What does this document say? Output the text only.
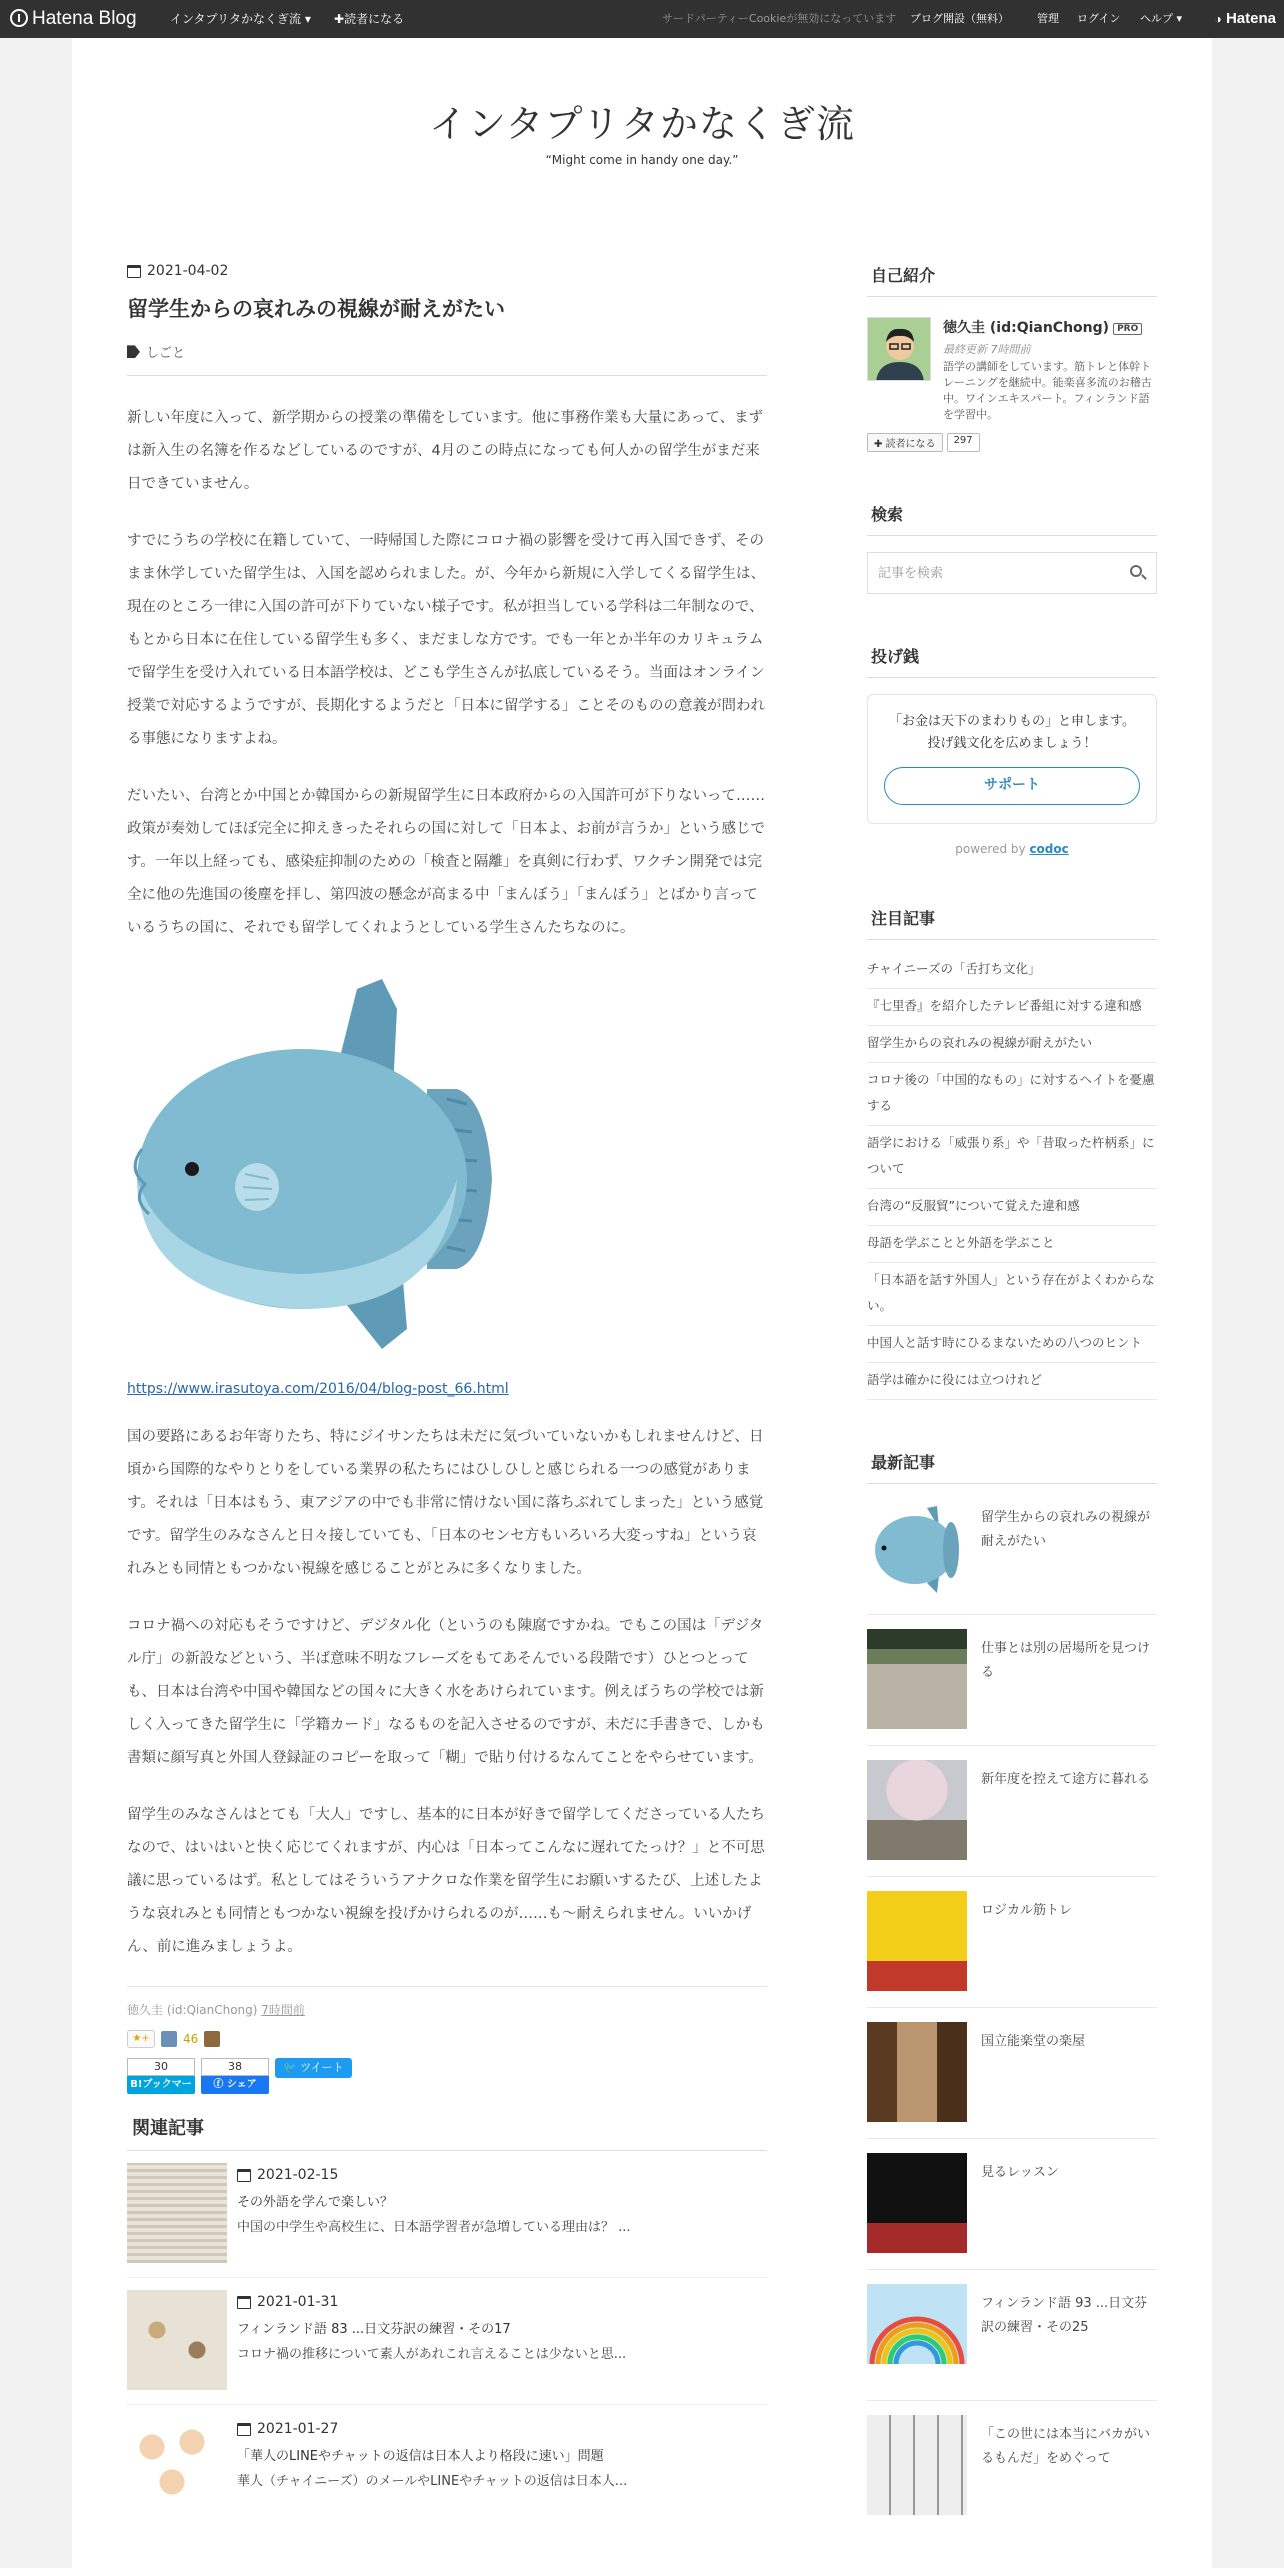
Hatena Blog	インタプリタかなくぎ流 ▾ ✚読者になる	サードパーティーCookieが無効になっています ブログ開設（無料）	管理 ログイン ヘルプ ▾	◑ Hatena
インタプリタかなくぎ流
“Might come in handy one day.”
2021-04-02
留学生からの哀れみの視線が耐えがたい
しごと

新しい年度に入って、新学期からの授業の準備をしています。他に事務作業も大量にあって、まずは新入生の名簿を作るなどしているのですが、4月のこの時点になっても何人かの留学生がまだ来日できていません。

すでにうちの学校に在籍していて、一時帰国した際にコロナ禍の影響を受けて再入国できず、そのまま休学していた留学生は、入国を認められました。が、今年から新規に入学してくる留学生は、現在のところ一律に入国の許可が下りていない様子です。私が担当している学科は二年制なので、もとから日本に在住している留学生も多く、まだましな方です。でも一年とか半年のカリキュラムで留学生を受け入れている日本語学校は、どこも学生さんが払底しているそう。当面はオンライン授業で対応するようですが、長期化するようだと「日本に留学する」ことそのものの意義が問われる事態になりますよね。

だいたい、台湾とか中国とか韓国からの新規留学生に日本政府からの入国許可が下りないって……政策が奏効してほぼ完全に抑えきったそれらの国に対して「日本よ、お前が言うか」という感じです。一年以上経っても、感染症抑制のための「検査と隔離」を真剣に行わず、ワクチン開発では完全に他の先進国の後塵を拝し、第四波の懸念が高まる中「まんぼう」「まんぼう」とばかり言っているうちの国に、それでも留学してくれようとしている学生さんたちなのに。

https://www.irasutoya.com/2016/04/blog-post_66.html

国の要路にあるお年寄りたち、特にジイサンたちは未だに気づいていないかもしれませんけど、日頃から国際的なやりとりをしている業界の私たちにはひしひしと感じられる一つの感覚があります。それは「日本はもう、東アジアの中でも非常に情けない国に落ちぶれてしまった」という感覚です。留学生のみなさんと日々接していても、「日本のセンセ方もいろいろ大変っすね」という哀れみとも同情ともつかない視線を感じることがとみに多くなりました。

コロナ禍への対応もそうですけど、デジタル化（というのも陳腐ですかね。でもこの国は「デジタル庁」の新設などという、半ば意味不明なフレーズをもてあそんでいる段階です）ひとつとっても、日本は台湾や中国や韓国などの国々に大きく水をあけられています。例えばうちの学校では新しく入ってきた留学生に「学籍カード」なるものを記入させるのですが、未だに手書きで、しかも書類に顔写真と外国人登録証のコピーを取って「糊」で貼り付けるなんてことをやらせています。

留学生のみなさんはとても「大人」ですし、基本的に日本が好きで留学してくださっている人たちなので、はいはいと快く応じてくれますが、内心は「日本ってこんなに遅れてたっけ？」と不可思議に思っているはず。私としてはそういうアナクロな作業を留学生にお願いするたび、上述したような哀れみとも同情ともつかない視線を投げかけられるのが……も〜耐えられません。いいかげん、前に進みましょうよ。

徳久圭 (id:QianChong) 7時間前
★+	46
30
B!ブックマーク
38
ⓕ シェア
🐦 ツイート
関連記事
2021-02-15
その外語を学んで楽しい？
中国の中学生や高校生に、日本語学習者が急増している理由は？ ...
2021-01-31
フィンランド語 83 ...日文芬訳の練習・その17
コロナ禍の推移について素人があれこれ言えることは少ないと思...
2021-01-27
「華人のLINEやチャットの返信は日本人より格段に速い」問題
華人（チャイニーズ）のメールやLINEやチャットの返信は日本人...
自己紹介
徳久圭 (id:QianChong) PRO
最終更新 7時間前
語学の講師をしています。筋トレと体幹トレーニングを継続中。能楽喜多流のお稽古中。ワインエキスパート。フィンランド語を学習中。
✚ 読者になる	297
検索
記事を検索
投げ銭
「お金は天下のまわりもの」と申します。投げ銭文化を広めましょう！
サポート
powered by codoc
注目記事
チャイニーズの「舌打ち文化」
『七里香』を紹介したテレビ番組に対する違和感
留学生からの哀れみの視線が耐えがたい
コロナ後の「中国的なもの」に対するヘイトを憂慮する
語学における「威張り系」や「昔取った杵柄系」について
台湾の“反服貿”について覚えた違和感
母語を学ぶことと外語を学ぶこと
「日本語を話す外国人」という存在がよくわからない。
中国人と話す時にひるまないための八つのヒント
語学は確かに役には立つけれど
最新記事
留学生からの哀れみの視線が耐えがたい
仕事とは別の居場所を見つける
新年度を控えて途方に暮れる
ロジカル筋トレ
国立能楽堂の楽屋
見るレッスン
フィンランド語 93 ...日文芬訳の練習・その25
「この世には本当にバカがいるもんだ」をめぐって
